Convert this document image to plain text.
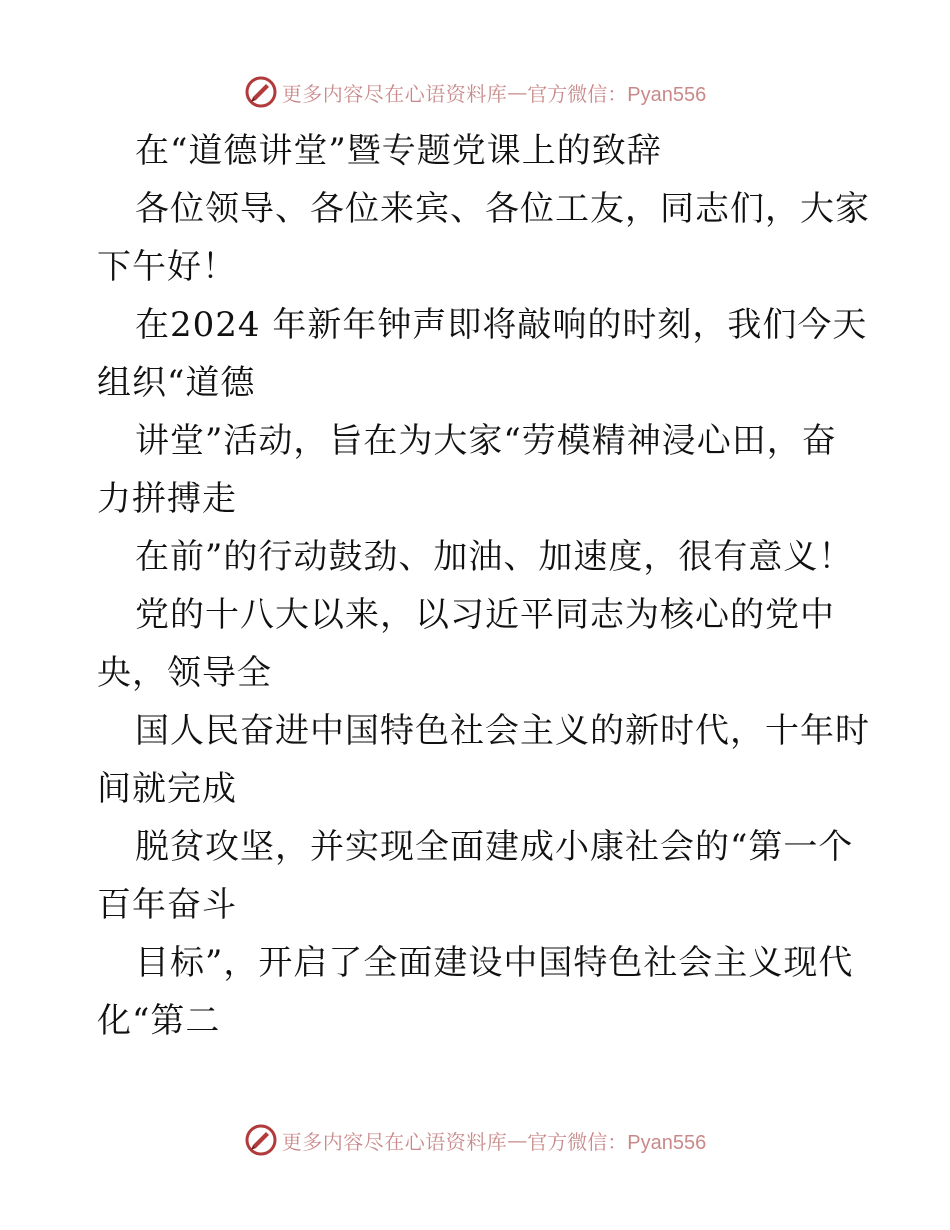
更多内容尽在心语资料库 — 官方微信：Pyan556
在“道德讲堂”暨专题党课上的致辞
各位领导、各位来宾、各位工友，同志们，大家
下午好！
在2024 年新年钟声即将敲响的时刻，我们今天
组织“道德
讲堂”活动，旨在为大家“劳模精神浸心田，奋
力拼搏走
在前”的行动鼓劲、加油、加速度，很有意义！
党的十八大以来，以习近平同志为核心的党中
央，领导全
国人民奋进中国特色社会主义的新时代，十年时
间就完成
脱贫攻坚，并实现全面建成小康社会的“第一个
百年奋斗
目标”，开启了全面建设中国特色社会主义现代
化“第二
更多内容尽在心语资料库 — 官方微信：Pyan556
